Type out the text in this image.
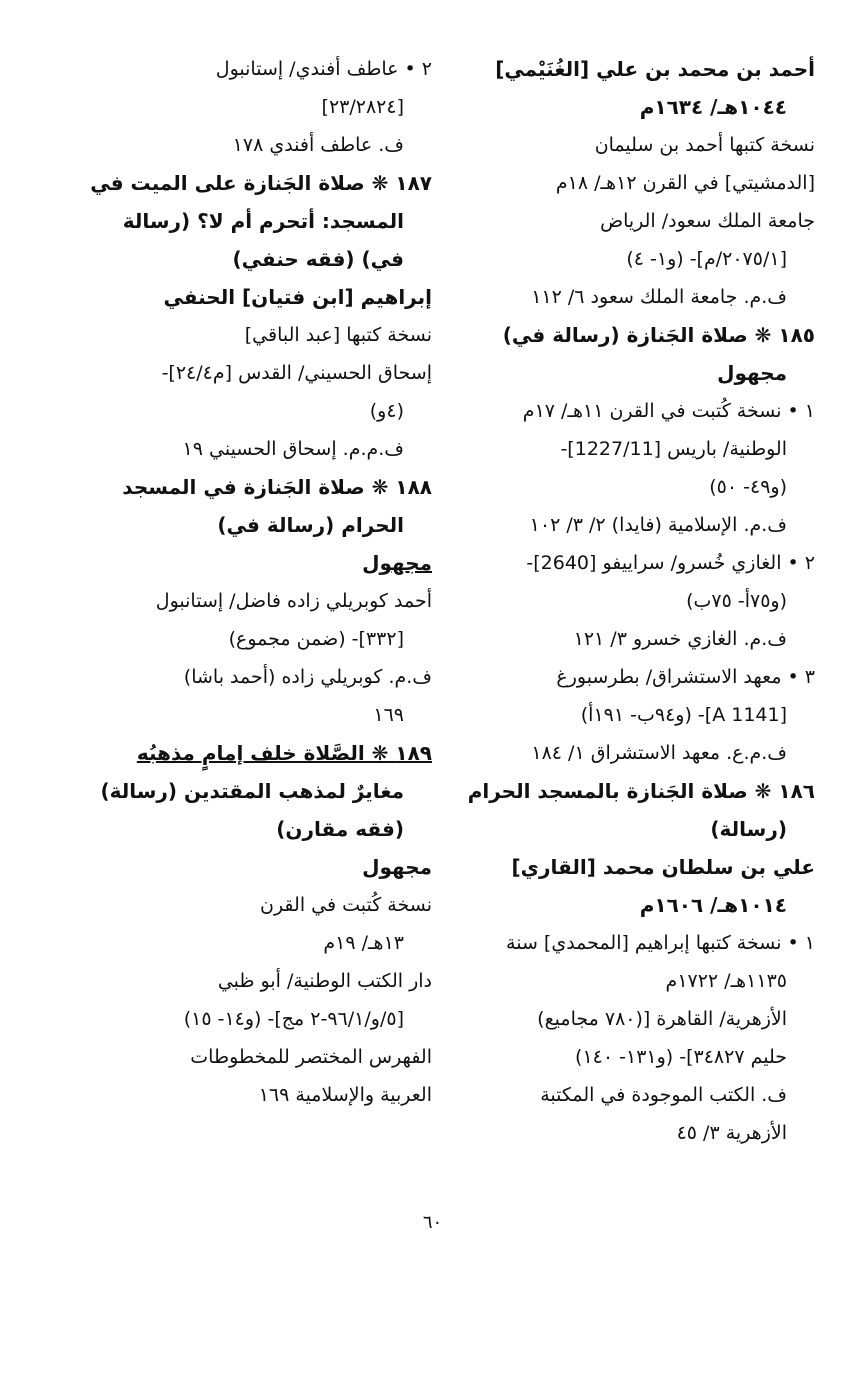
أحمد بن محمد بن علي [الغُنَيْمي]
١٠٤٤هـ/ ١٦٣٤م
نسخة كتبها أحمد بن سليمان
[الدمشيتي] في القرن ١٢هـ/ ١٨م
جامعة الملك سعود/ الرياض
[٢٠٧٥/١/م]- (و١- ٤)
ف.م. جامعة الملك سعود ٦/ ١١٢
١٨٥ ❋ صلاة الجَنازة (رسالة في)
مجهول
١ • نسخة كُتبت في القرن ١١هـ/ ١٧م
الوطنية/ باريس [1227/11]-
(و٤٩- ٥٠)
ف.م. الإسلامية (فايدا) ٢/ ٣/ ١٠٢
٢ • الغازي خُسرو/ سراييفو [2640]-
(و٧٥أ- ٧٥ب)
ف.م. الغازي خسرو ٣/ ١٢١
٣ • معهد الاستشراق/ بطرسبورغ
[A 1141]- (و٩٤ب- ١٩١أ)
ف.م.ع. معهد الاستشراق ١/ ١٨٤
١٨٦ ❋ صلاة الجَنازة بالمسجد الحرام
(رسالة)
علي بن سلطان محمد [القاري]
١٠١٤هـ/ ١٦٠٦م
١ • نسخة كتبها إبراهيم [المحمدي] سنة
١١٣٥هـ/ ١٧٢٢م
الأزهرية/ القاهرة [(٧٨٠ مجاميع)
حليم ٣٤٨٢٧]- (و١٣١- ١٤٠)
ف. الكتب الموجودة في المكتبة
الأزهرية ٣/ ٤٥
٢ • عاطف أفندي/ إستانبول
[٢٣/٢٨٢٤]
ف. عاطف أفندي ١٧٨
١٨٧ ❋ صلاة الجَنازة على الميت في
المسجد: أتحرم أم لا؟ (رسالة
في) (فقه حنفي)
إبراهيم [ابن فتيان] الحنفي
نسخة كتبها [عبد الباقي]
إسحاق الحسيني/ القدس [م٢٤/٤]-
(٤و)
ف.م.م. إسحاق الحسيني ١٩
١٨٨ ❋ صلاة الجَنازة في المسجد
الحرام (رسالة في)
مجهول
أحمد كوبريلي زاده فاضل/ إستانبول
[٣٣٢]- (ضمن مجموع)
ف.م. كوبريلي زاده (أحمد باشا)
١٦٩
١٨٩ ❋ الصَّلاة خلف إمامٍ مذهبُه
مغايرٌ لمذهب المقتدين (رسالة)
(فقه مقارن)
مجهول
نسخة كُتبت في القرن
١٣هـ/ ١٩م
دار الكتب الوطنية/ أبو ظبي
[٥/و/٩٦/١-٢ مج]- (و١٤- ١٥)
الفهرس المختصر للمخطوطات
العربية والإسلامية ١٦٩
٦٠
